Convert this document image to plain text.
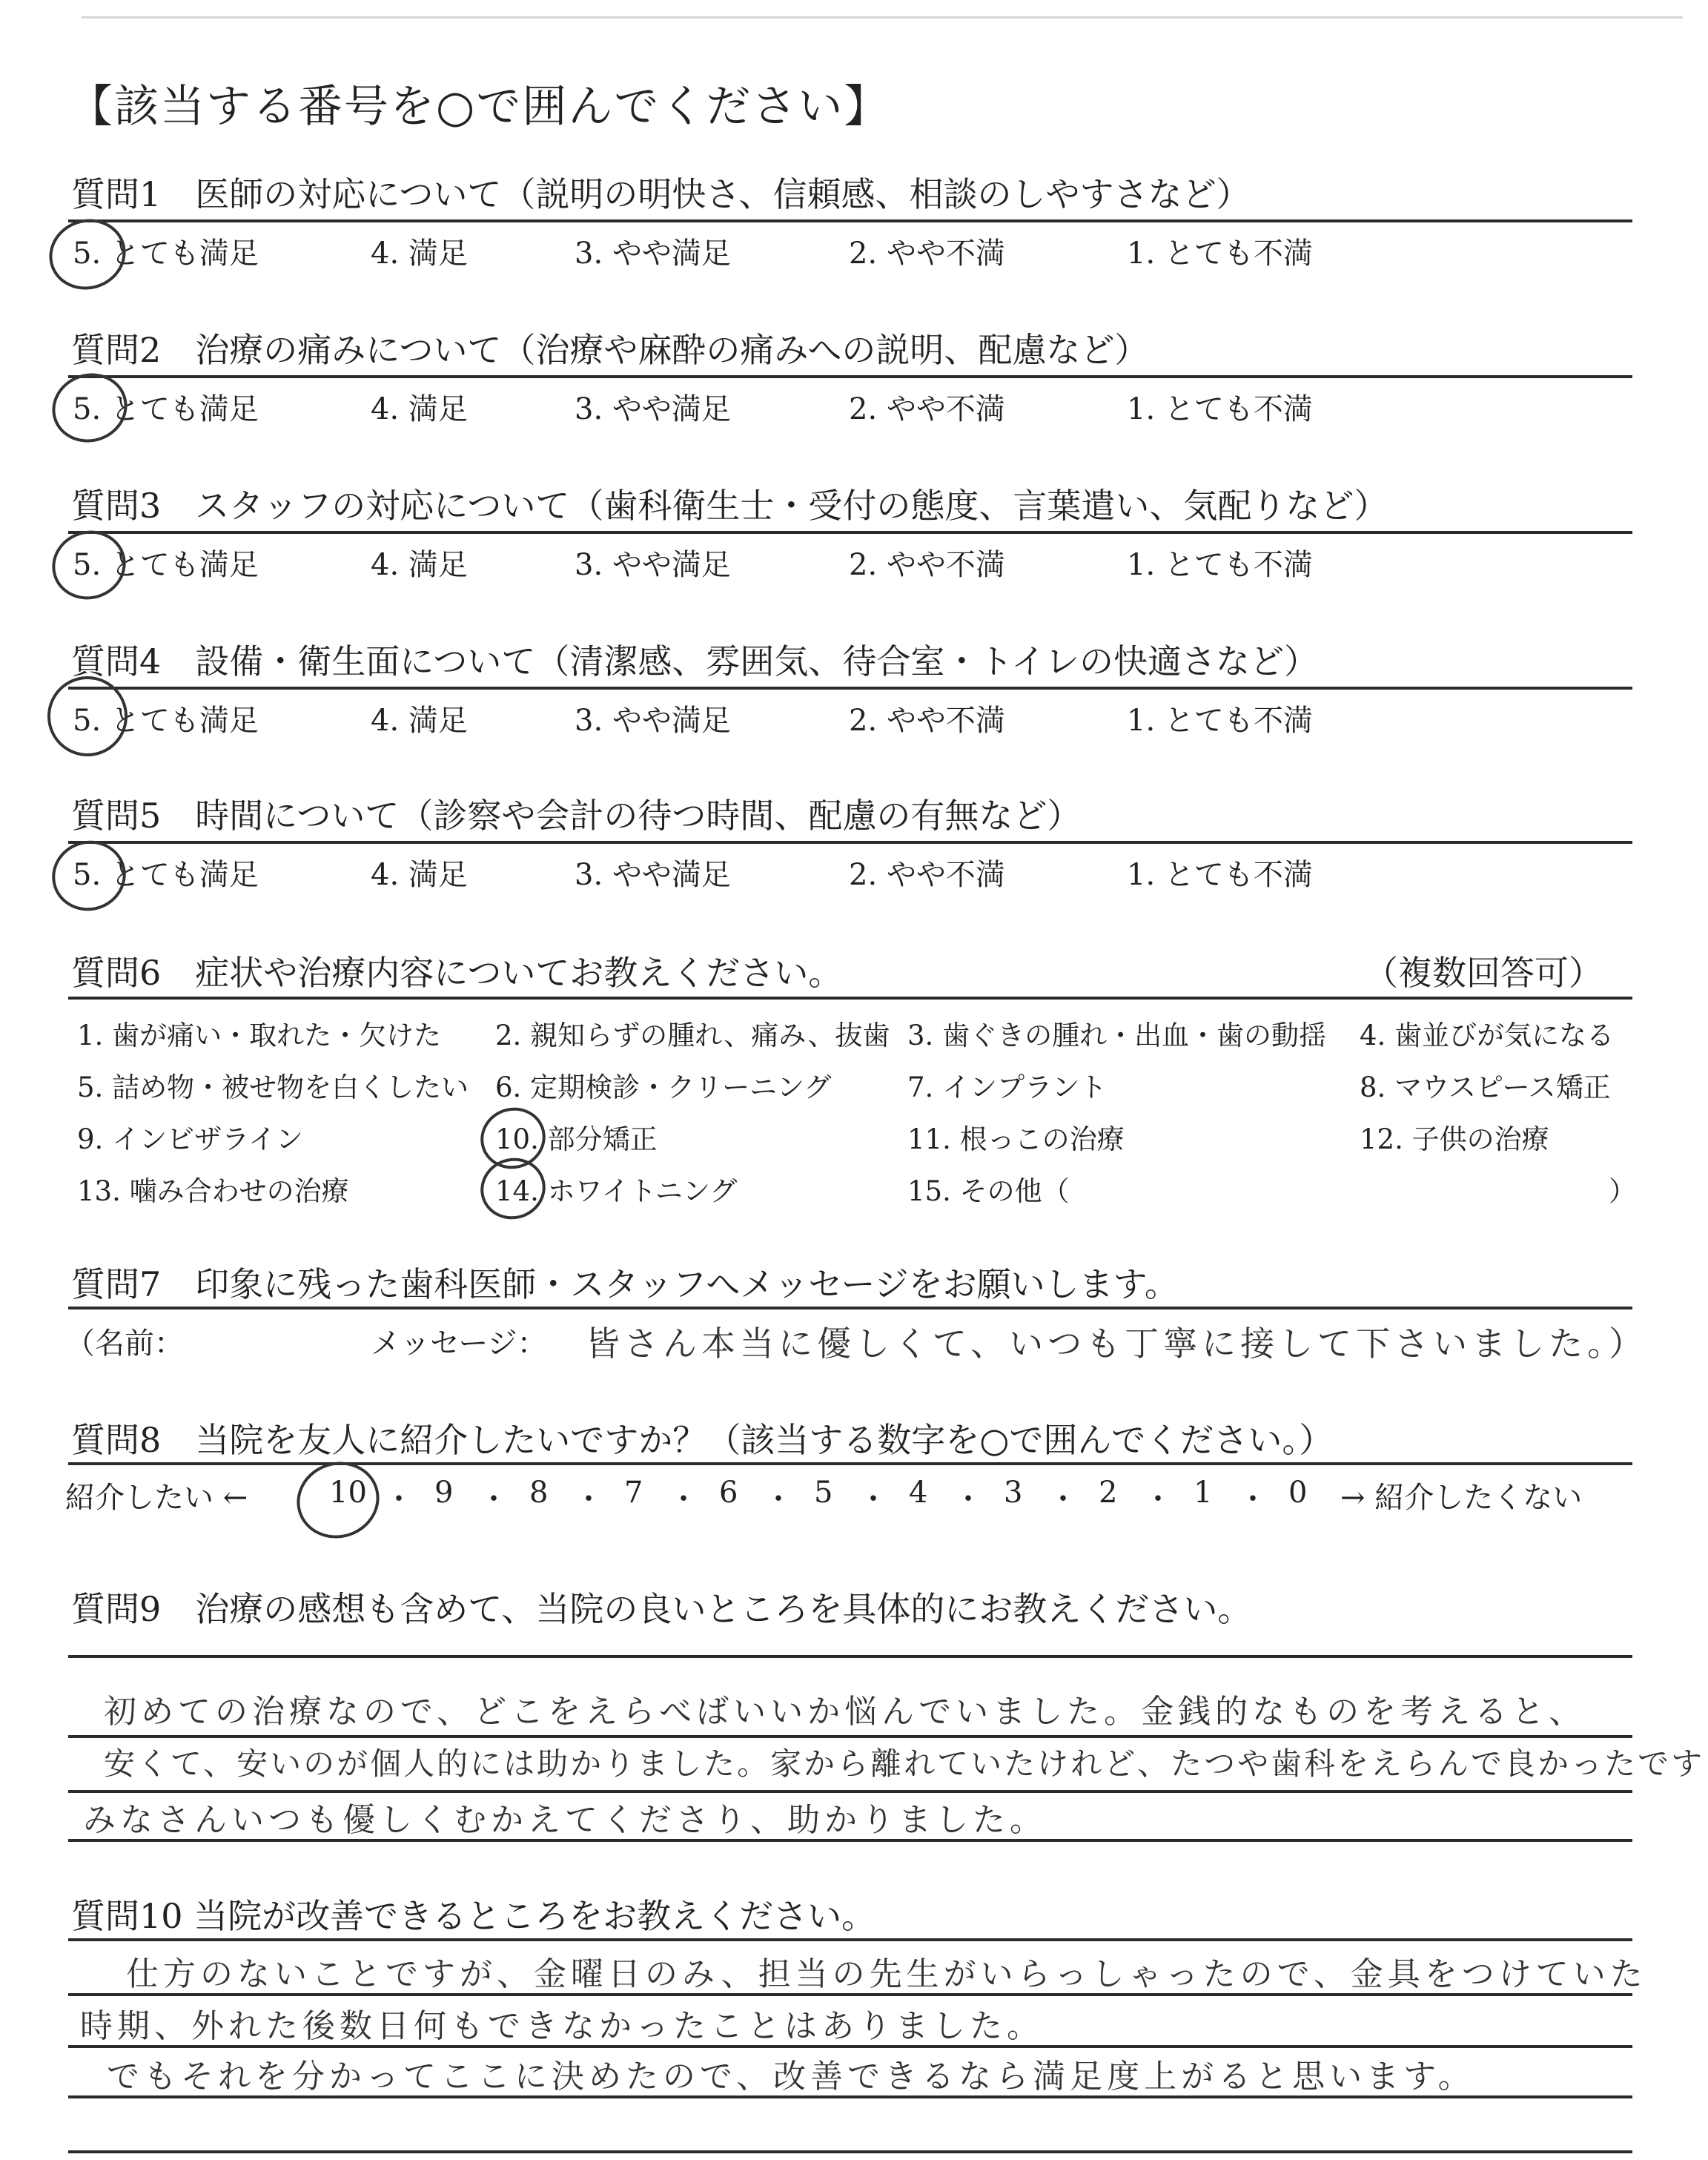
【該当する番号を○で囲んでください】
質問1　医師の対応について（説明の明快さ、信頼感、相談のしやすさなど）
5. とても満足	4. 満足	3. やや満足	2. やや不満	1. とても不満
質問2　治療の痛みについて（治療や麻酔の痛みへの説明、配慮など）
5. とても満足	4. 満足	3. やや満足	2. やや不満	1. とても不満
質問3　スタッフの対応について（歯科衛生士・受付の態度、言葉遣い、気配りなど）
5. とても満足	4. 満足	3. やや満足	2. やや不満	1. とても不満
質問4　設備・衛生面について（清潔感、雰囲気、待合室・トイレの快適さなど）
5. とても満足	4. 満足	3. やや満足	2. やや不満	1. とても不満
質問5　時間について（診察や会計の待つ時間、配慮の有無など）
5. とても満足	4. 満足	3. やや満足	2. やや不満	1. とても不満
質問6　症状や治療内容についてお教えください。	（複数回答可）
1. 歯が痛い・取れた・欠けた 2. 親知らずの腫れ、痛み、抜歯 3. 歯ぐきの腫れ・出血・歯の動揺 4. 歯並びが気になる
5. 詰め物・被せ物を白くしたい 6. 定期検診・クリーニング	7. インプラント	8. マウスピース矯正
9. インビザライン	10. 部分矯正	11. 根っこの治療	12. 子供の治療
13. 噛み合わせの治療	14. ホワイトニング	15. その他（	）
質問7　印象に残った歯科医師・スタッフへメッセージをお願いします。
（名前：	メッセージ： 皆さん本当に優しくて、いつも丁寧に接して下さいました。）
質問8　当院を友人に紹介したいですか？（該当する数字を○で囲んでください。）
紹介したい ←	10 ・ 9 ・ 8 ・ 7 ・ 6 ・ 5 ・ 4 ・ 3 ・ 2 ・ 1 ・ 0 → 紹介したくない
質問9　治療の感想も含めて、当院の良いところを具体的にお教えください。
初めての治療なので、どこをえらべばいいか悩んでいました。金銭的なものを考えると、
安くて、安いのが個人的には助かりました。家から離れていたけれど、たつや歯科をえらんで良かったです
みなさんいつも優しくむかえてくださり、助かりました。
質問10 当院が改善できるところをお教えください。
仕方のないことですが、金曜日のみ、担当の先生がいらっしゃったので、金具をつけていた
時期、外れた後数日何もできなかったことはありました。
でもそれを分かってここに決めたので、改善できるなら満足度上がると思います。
